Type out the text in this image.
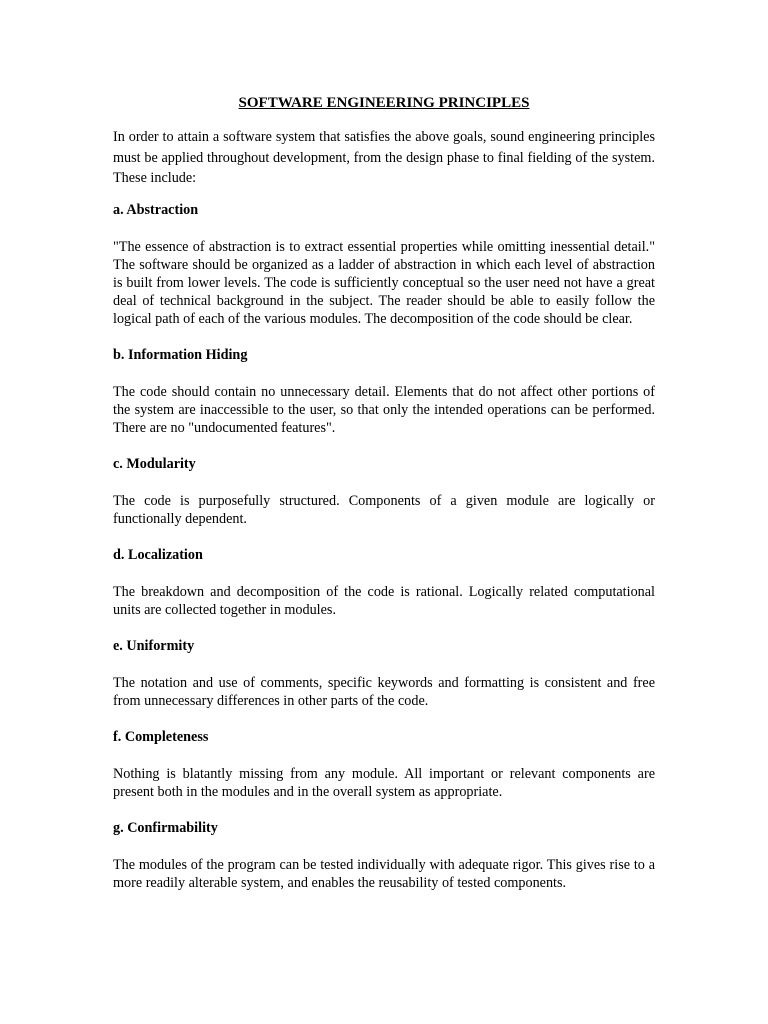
SOFTWARE ENGINEERING PRINCIPLES

In order to attain a software system that satisfies the above goals, sound engineering principles must be applied throughout development, from the design phase to final fielding of the system. These include:

a. Abstraction

"The essence of abstraction is to extract essential properties while omitting inessential detail." The software should be organized as a ladder of abstraction in which each level of abstraction is built from lower levels. The code is sufficiently conceptual so the user need not have a great deal of technical background in the subject. The reader should be able to easily follow the logical path of each of the various modules. The decomposition of the code should be clear.

b. Information Hiding

The code should contain no unnecessary detail. Elements that do not affect other portions of the system are inaccessible to the user, so that only the intended operations can be performed. There are no "undocumented features".

c. Modularity

The code is purposefully structured. Components of a given module are logically or functionally dependent.

d. Localization

The breakdown and decomposition of the code is rational. Logically related computational units are collected together in modules.

e. Uniformity

The notation and use of comments, specific keywords and formatting is consistent and free from unnecessary differences in other parts of the code.

f. Completeness

Nothing is blatantly missing from any module. All important or relevant components are present both in the modules and in the overall system as appropriate.

g. Confirmability

The modules of the program can be tested individually with adequate rigor. This gives rise to a more readily alterable system, and enables the reusability of tested components.
